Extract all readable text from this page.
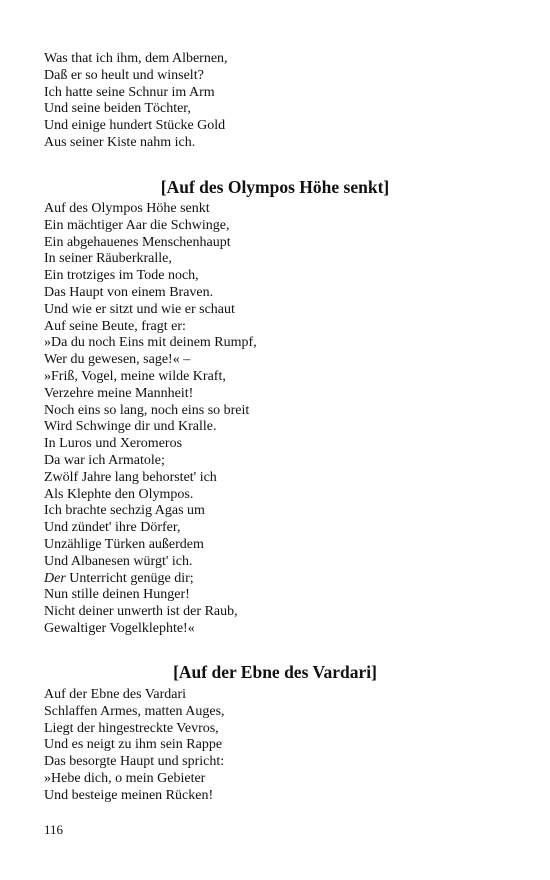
Was that ich ihm, dem Albernen,
Daß er so heult und winselt?
Ich hatte seine Schnur im Arm
Und seine beiden Töchter,
Und einige hundert Stücke Gold
Aus seiner Kiste nahm ich.
[Auf des Olympos Höhe senkt]
Auf des Olympos Höhe senkt
Ein mächtiger Aar die Schwinge,
Ein abgehauenes Menschenhaupt
In seiner Räuberkralle,
Ein trotziges im Tode noch,
Das Haupt von einem Braven.
Und wie er sitzt und wie er schaut
Auf seine Beute, fragt er:
»Da du noch Eins mit deinem Rumpf,
Wer du gewesen, sage!« –
»Friß, Vogel, meine wilde Kraft,
Verzehre meine Mannheit!
Noch eins so lang, noch eins so breit
Wird Schwinge dir und Kralle.
In Luros und Xeromeros
Da war ich Armatole;
Zwölf Jahre lang behorstet' ich
Als Klephte den Olympos.
Ich brachte sechzig Agas um
Und zündet' ihre Dörfer,
Unzählige Türken außerdem
Und Albanesen würgt' ich.
Der Unterricht genüge dir;
Nun stille deinen Hunger!
Nicht deiner unwerth ist der Raub,
Gewaltiger Vogelklephte!«
[Auf der Ebne des Vardari]
Auf der Ebne des Vardari
Schlaffen Armes, matten Auges,
Liegt der hingestreckte Vevros,
Und es neigt zu ihm sein Rappe
Das besorgte Haupt und spricht:
»Hebe dich, o mein Gebieter
Und besteige meinen Rücken!
116
